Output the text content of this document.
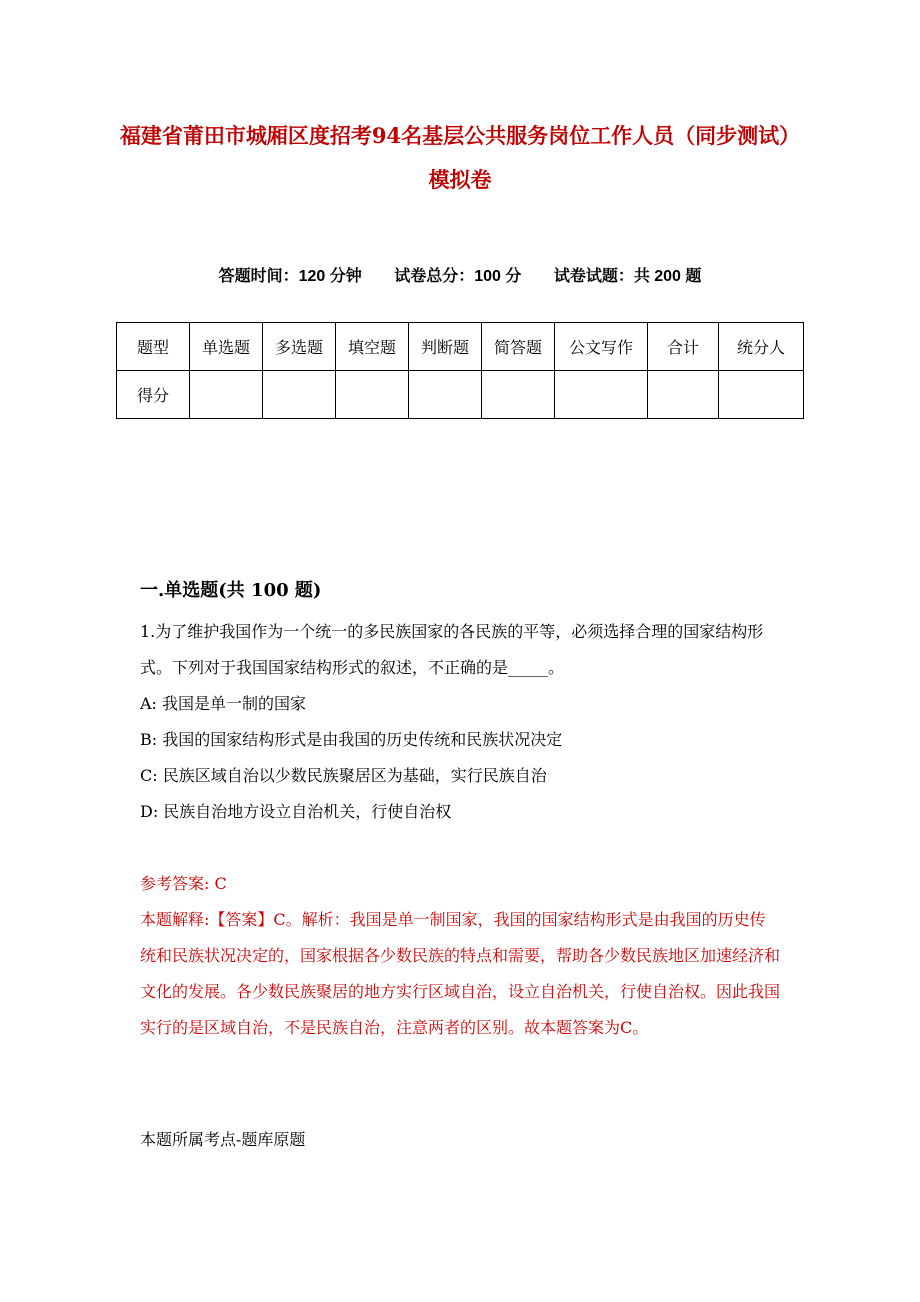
福建省莆田市城厢区度招考94名基层公共服务岗位工作人员（同步测试）模拟卷
答题时间：120 分钟 试卷总分：100 分 试卷试题：共 200 题
题型	单选题	多选题	填空题	判断题	简答题	公文写作	合计	统分人
得分								
一.单选题(共 100 题)
1.为了维护我国作为一个统一的多民族国家的各民族的平等，必须选择合理的国家结构形式。下列对于我国国家结构形式的叙述，不正确的是_____。
A: 我国是单一制的国家
B: 我国的国家结构形式是由我国的历史传统和民族状况决定
C: 民族区域自治以少数民族聚居区为基础，实行民族自治
D: 民族自治地方设立自治机关，行使自治权
参考答案: C
本题解释:【答案】C。解析：我国是单一制国家，我国的国家结构形式是由我国的历史传统和民族状况决定的，国家根据各少数民族的特点和需要，帮助各少数民族地区加速经济和文化的发展。各少数民族聚居的地方实行区域自治，设立自治机关，行使自治权。因此我国实行的是区域自治，不是民族自治，注意两者的区别。故本题答案为C。
本题所属考点-题库原题
